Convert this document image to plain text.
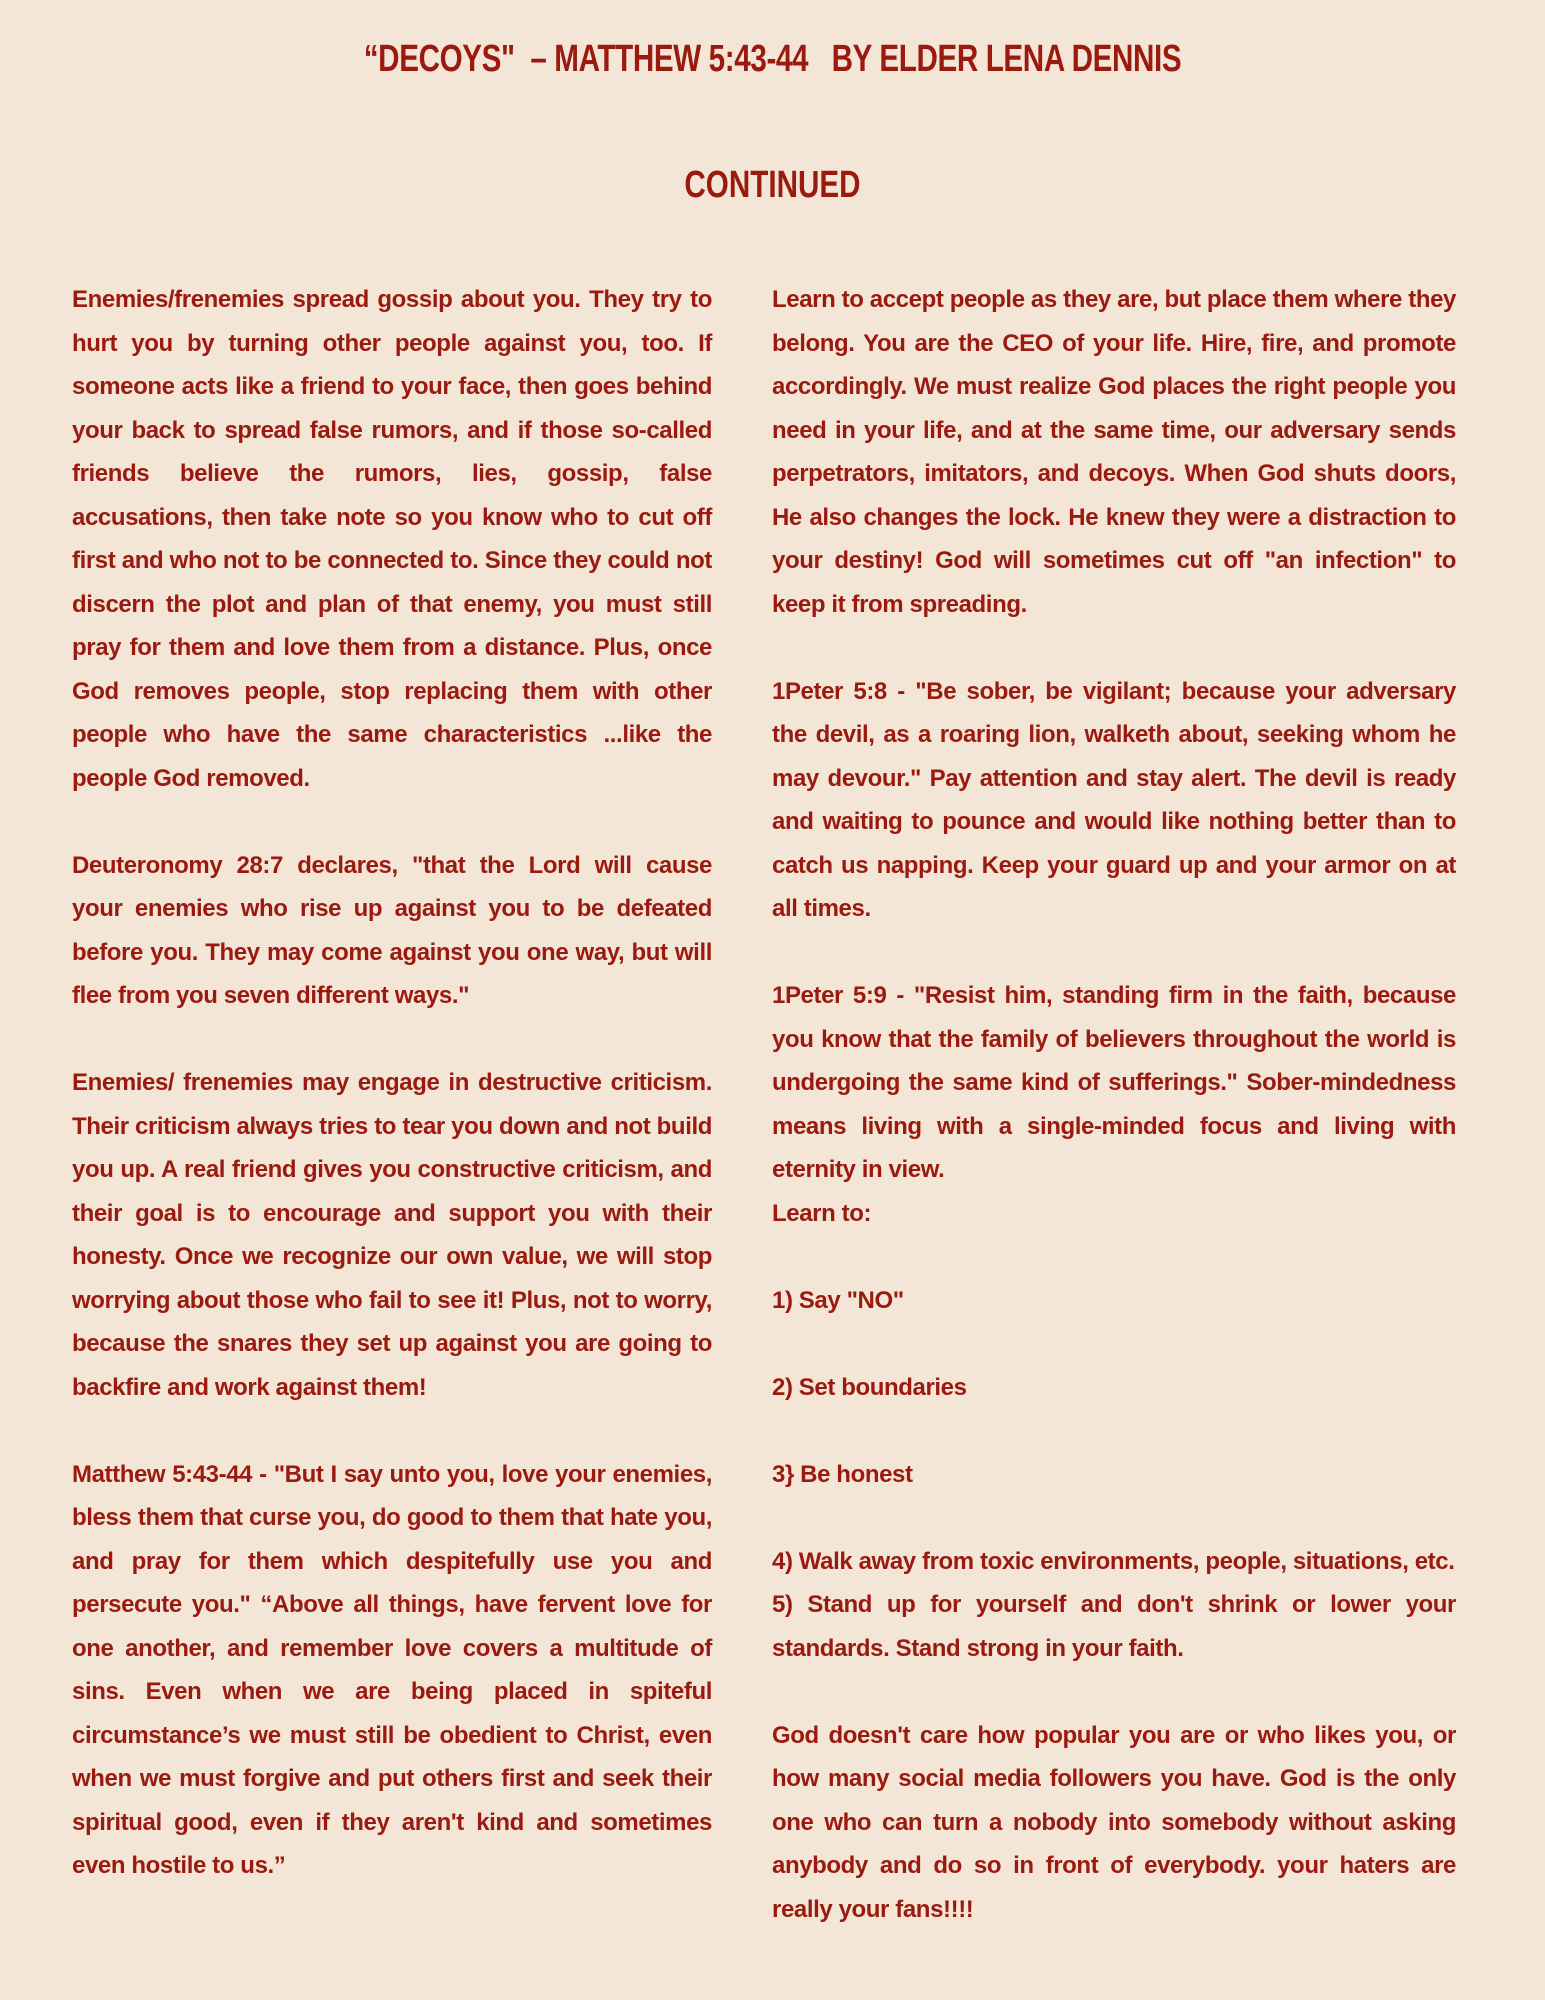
“DECOYS"  – MATTHEW 5:43-44   BY ELDER LENA DENNIS
CONTINUED

Enemies/frenemies spread gossip about you. They try to hurt you by turning other people against you, too. If someone acts like a friend to your face, then goes behind your back to spread false rumors, and if those so-called friends believe the rumors, lies, gossip, false accusations, then take note so you know who to cut off first and who not to be connected to. Since they could not discern the plot and plan of that enemy, you must still pray for them and love them from a distance. Plus, once God removes people, stop replacing them with other people who have the same characteristics ...like the people God removed.

Deuteronomy 28:7 declares, "that the Lord will cause your enemies who rise up against you to be defeated before you. They may come against you one way, but will flee from you seven different ways."

Enemies/ frenemies may engage in destructive criticism. Their criticism always tries to tear you down and not build you up. A real friend gives you constructive criticism, and their goal is to encourage and support you with their honesty. Once we recognize our own value, we will stop worrying about those who fail to see it! Plus, not to worry, because the snares they set up against you are going to backfire and work against them!

Matthew 5:43-44 - "But I say unto you, love your enemies, bless them that curse you, do good to them that hate you, and pray for them which despitefully use you and persecute you." “Above all things, have fervent love for one another, and remember love covers a multitude of sins. Even when we are being placed in spiteful circumstance’s we must still be obedient to Christ, even when we must forgive and put others first and seek their spiritual good, even if they aren't kind and sometimes even hostile to us.”

Learn to accept people as they are, but place them where they belong. You are the CEO of your life. Hire, fire, and promote accordingly. We must realize God places the right people you need in your life, and at the same time, our adversary sends perpetrators, imitators, and decoys. When God shuts doors, He also changes the lock. He knew they were a distraction to your destiny! God will sometimes cut off "an infection" to keep it from spreading.

1Peter 5:8 - "Be sober, be vigilant; because your adversary the devil, as a roaring lion, walketh about, seeking whom he may devour." Pay attention and stay alert. The devil is ready and waiting to pounce and would like nothing better than to catch us napping. Keep your guard up and your armor on at all times.

1Peter 5:9 - "Resist him, standing firm in the faith, because you know that the family of believers throughout the world is undergoing the same kind of sufferings." Sober-mindedness means living with a single-minded focus and living with eternity in view.

Learn to:

1) Say "NO"

2) Set boundaries

3} Be honest

4) Walk away from toxic environments, people, situations, etc.

5) Stand up for yourself and don't shrink or lower your standards. Stand strong in your faith.

God doesn't care how popular you are or who likes you, or how many social media followers you have. God is the only one who can turn a nobody into somebody without asking anybody and do so in front of everybody. your haters are really your fans!!!!
